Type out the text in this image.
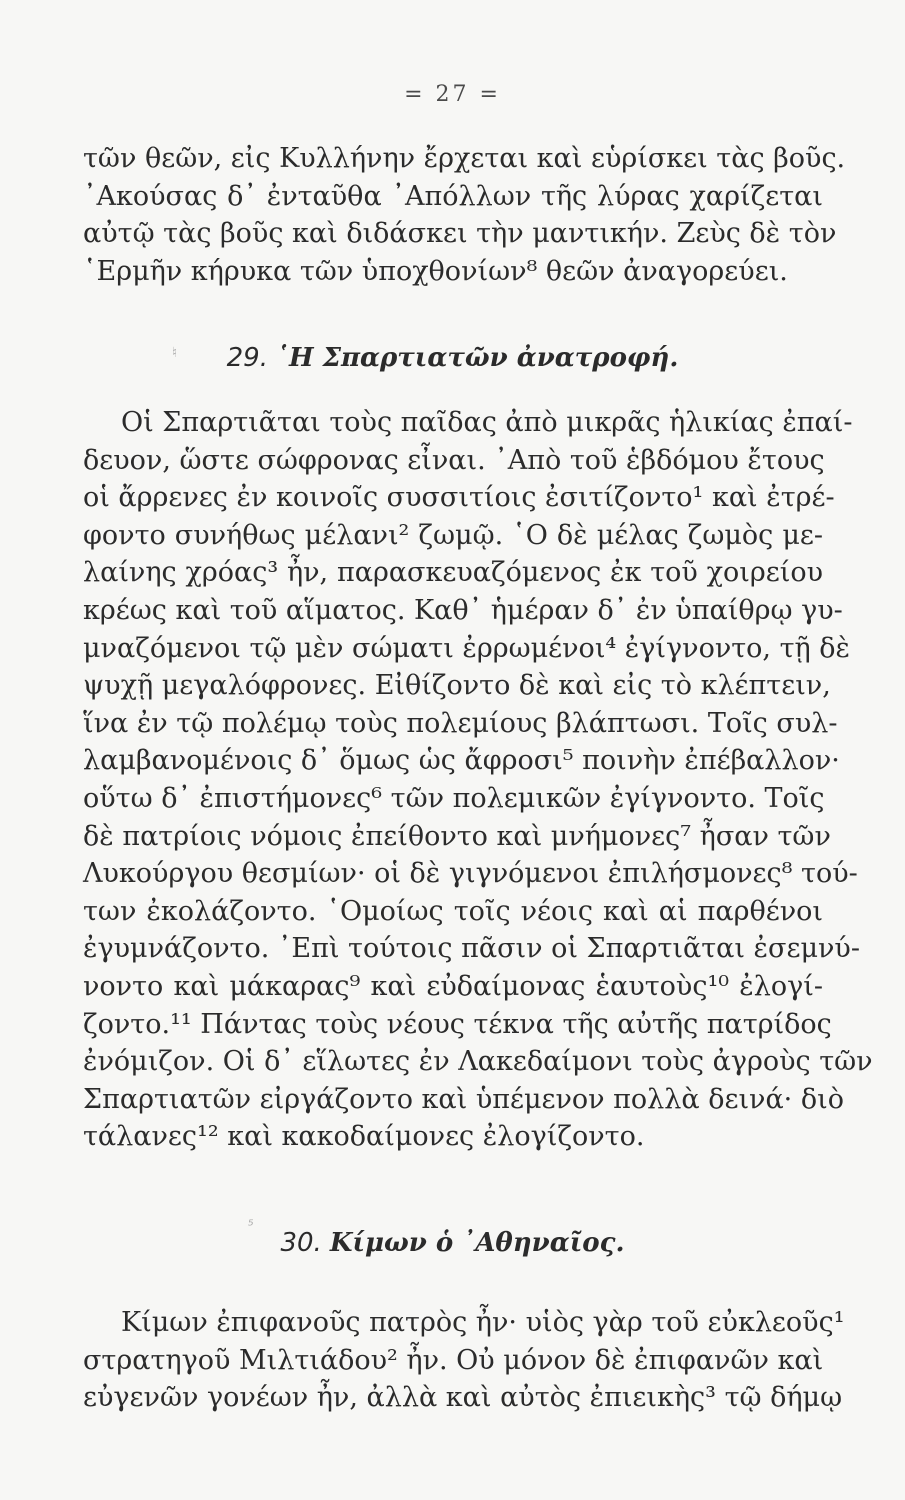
= 27 =
τῶν θεῶν, εἰς Κυλλήνην ἔρχεται καὶ εὑρίσκει τὰς βοῦς.
᾿Ακούσας δ᾿ ἐνταῦθα ᾿Απόλλων τῆς λύρας χαρίζεται
αὐτῷ τὰς βοῦς καὶ διδάσκει τὴν μαντικήν. Ζεὺς δὲ τὸν
῾Ερμῆν κήρυκα τῶν ὑποχθονίων⁸ θεῶν ἀναγορεύει.
♮
⁵
29. ῾Η Σπαρτιατῶν ἀνατροφή.
Οἱ Σπαρτιᾶται τοὺς παῖδας ἀπὸ μικρᾶς ἡλικίας ἐπαί-
δευον, ὥστε σώφρονας εἶναι. ᾿Απὸ τοῦ ἑβδόμου ἔτους
οἱ ἄρρενες ἐν κοινοῖς συσσιτίοις ἐσιτίζοντο¹ καὶ ἐτρέ-
φοντο συνήθως μέλανι² ζωμῷ. ῾Ο δὲ μέλας ζωμὸς με-
λαίνης χρόας³ ἦν, παρασκευαζόμενος ἐκ τοῦ χοιρείου
κρέως καὶ τοῦ αἵματος. Καθ᾿ ἡμέραν δ᾿ ἐν ὑπαίθρῳ γυ-
μναζόμενοι τῷ μὲν σώματι ἐρρωμένοι⁴ ἐγίγνοντο, τῇ δὲ
ψυχῇ μεγαλόφρονες. Εἰθίζοντο δὲ καὶ εἰς τὸ κλέπτειν,
ἵνα ἐν τῷ πολέμῳ τοὺς πολεμίους βλάπτωσι. Τοῖς συλ-
λαμβανομένοις δ᾿ ὅμως ὡς ἄφροσι⁵ ποινὴν ἐπέβαλλον·
οὕτω δ᾿ ἐπιστήμονες⁶ τῶν πολεμικῶν ἐγίγνοντο. Τοῖς
δὲ πατρίοις νόμοις ἐπείθοντο καὶ μνήμονες⁷ ἦσαν τῶν
Λυκούργου θεσμίων· οἱ δὲ γιγνόμενοι ἐπιλήσμονες⁸ τού-
των ἐκολάζοντο. ῾Ομοίως τοῖς νέοις καὶ αἱ παρθένοι
ἐγυμνάζοντο. ᾿Επὶ τούτοις πᾶσιν οἱ Σπαρτιᾶται ἐσεμνύ-
νοντο καὶ μάκαρας⁹ καὶ εὐδαίμονας ἑαυτοὺς¹⁰ ἐλογί-
ζοντο.¹¹ Πάντας τοὺς νέους τέκνα τῆς αὐτῆς πατρίδος
ἐνόμιζον. Οἱ δ᾿ εἵλωτες ἐν Λακεδαίμονι τοὺς ἀγροὺς τῶν
Σπαρτιατῶν εἰργάζοντο καὶ ὑπέμενον πολλὰ δεινά· διὸ
τάλανες¹² καὶ κακοδαίμονες ἐλογίζοντο.
30. Κίμων ὁ ᾿Αθηναῖος.
Κίμων ἐπιφανοῦς πατρὸς ἦν· υἱὸς γὰρ τοῦ εὐκλεοῦς¹
στρατηγοῦ Μιλτιάδου² ἦν. Οὐ μόνον δὲ ἐπιφανῶν καὶ
εὐγενῶν γονέων ἦν, ἀλλὰ καὶ αὐτὸς ἐπιεικὴς³ τῷ δήμῳ
